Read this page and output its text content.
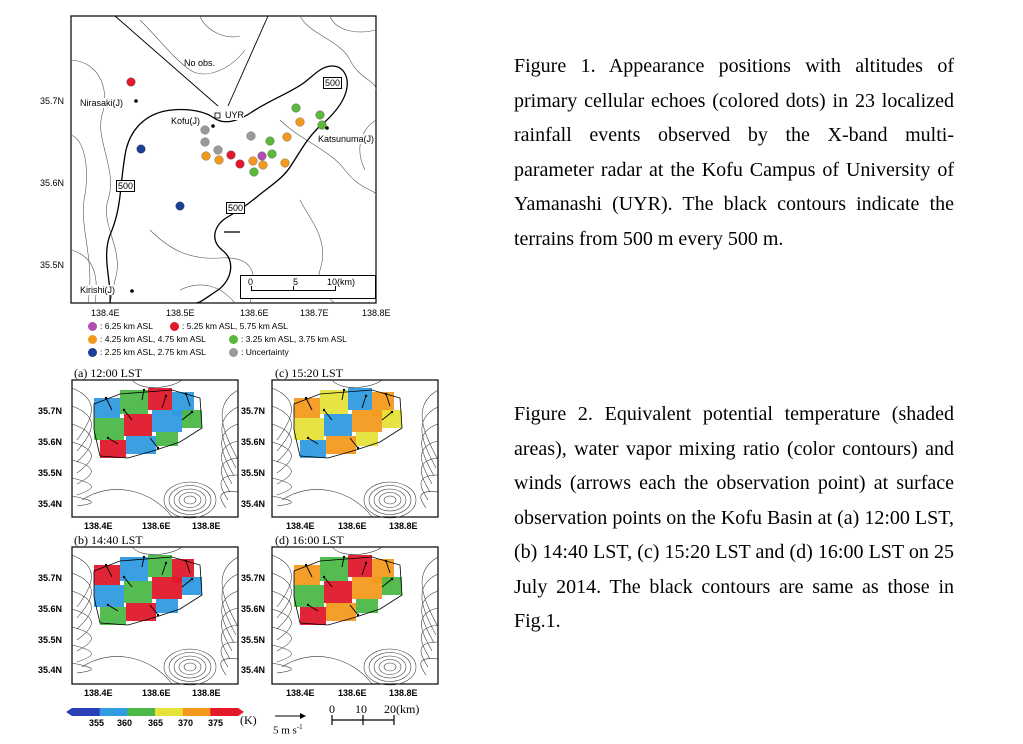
No obs.
Nirasaki(J)
Kofu(J)
UYR
Katsunuma(J)
Kirishi(J)
500
500
500
35.7N
35.6N
35.5N
138.4E	138.5E	138.6E	138.7E	138.8E
0	5	10(km)
: 6.25 km ASL	: 5.25 km ASL, 5.75 km ASL
: 4.25 km ASL, 4.75 km ASL	: 3.25 km ASL, 3.75 km ASL
: 2.25 km ASL, 2.75 km ASL	: Uncertainty
(a) 12:00 LST	(c) 15:20 LST
(b) 14:40 LST	(d) 16:00 LST
35.7N
35.6N
35.5N
35.4N
35.7N
35.6N
35.5N
35.4N
35.7N
35.6N
35.5N
35.4N
35.7N
35.6N
35.5N
35.4N
138.4E	138.6E 138.8E	138.4E	138.6E 138.8E
138.4E	138.6E 138.8E	138.4E	138.6E 138.8E
355 360 365 370 375 (K)
5 m $s^{-1}$
0 10 20(km)
Figure 1. Appearance positions with altitudes of primary cellular echoes (colored dots) in 23 localized rainfall events observed by the X-band multi-parameter radar at the Kofu Campus of University of Yamanashi (UYR). The black contours indicate the terrains from 500 m every 500 m.
Figure 2. Equivalent potential temperature (shaded areas), water vapor mixing ratio (color contours) and winds (arrows each the observation point) at surface observation points on the Kofu Basin at (a) 12:00 LST, (b) 14:40 LST, (c) 15:20 LST and (d) 16:00 LST on 25 July 2014. The black contours are same as those in Fig.1.
